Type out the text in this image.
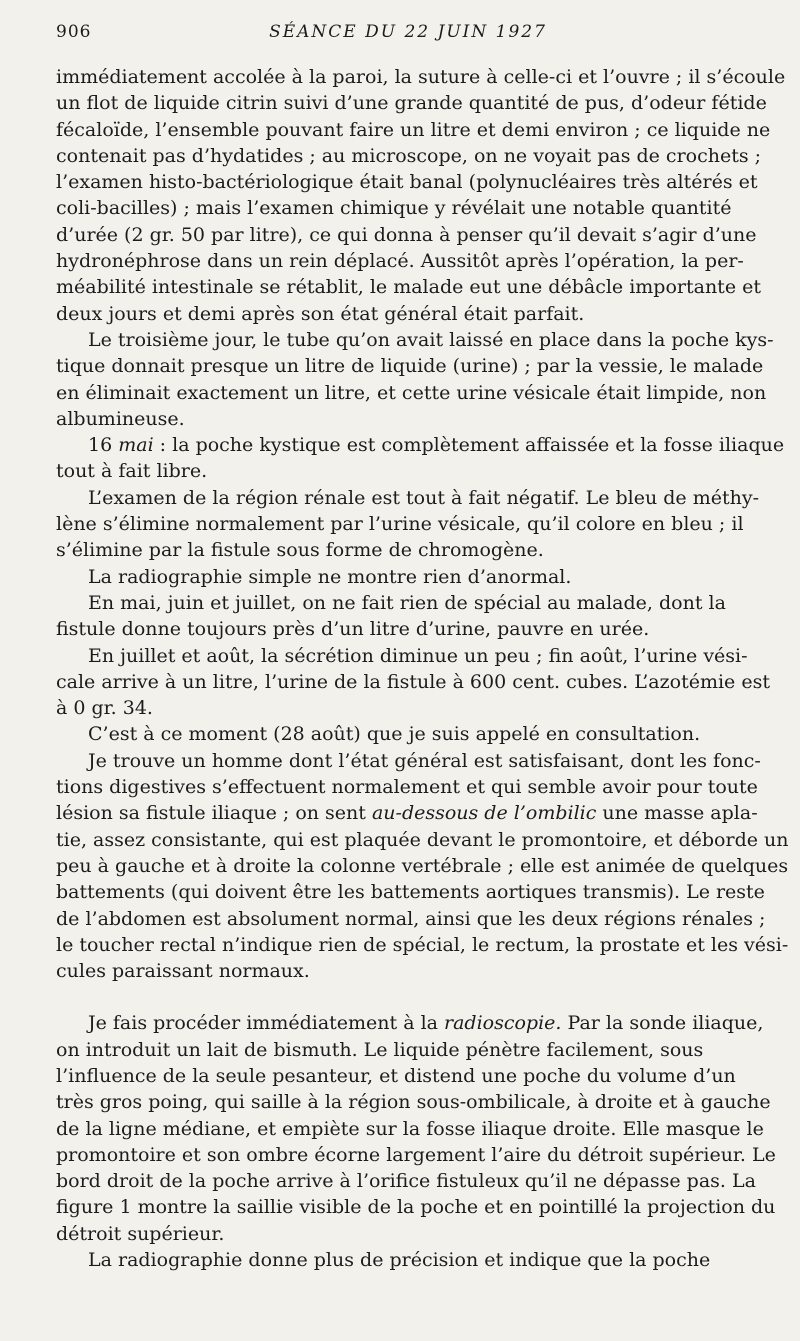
906	SÉANCE DU 22 JUIN 1927
immédiatement accolée à la paroi, la suture à celle-ci et l’ouvre ; il s’écoule
un flot de liquide citrin suivi d’une grande quantité de pus, d’odeur fétide
fécaloïde, l’ensemble pouvant faire un litre et demi environ ; ce liquide ne
contenait pas d’hydatides ; au microscope, on ne voyait pas de crochets ;
l’examen histo-bactériologique était banal (polynucléaires très altérés et
coli-bacilles) ; mais l’examen chimique y révélait une notable quantité
d’urée (2 gr. 50 par litre), ce qui donna à penser qu’il devait s’agir d’une
hydronéphrose dans un rein déplacé. Aussitôt après l’opération, la per-
méabilité intestinale se rétablit, le malade eut une débâcle importante et
deux jours et demi après son état général était parfait.
Le troisième jour, le tube qu’on avait laissé en place dans la poche kys-
tique donnait presque un litre de liquide (urine) ; par la vessie, le malade
en éliminait exactement un litre, et cette urine vésicale était limpide, non
albumineuse.
16 mai : la poche kystique est complètement affaissée et la fosse iliaque
tout à fait libre.
L’examen de la région rénale est tout à fait négatif. Le bleu de méthy-
lène s’élimine normalement par l’urine vésicale, qu’il colore en bleu ; il
s’élimine par la fistule sous forme de chromogène.
La radiographie simple ne montre rien d’anormal.
En mai, juin et juillet, on ne fait rien de spécial au malade, dont la
fistule donne toujours près d’un litre d’urine, pauvre en urée.
En juillet et août, la sécrétion diminue un peu ; fin août, l’urine vési-
cale arrive à un litre, l’urine de la fistule à 600 cent. cubes. L’azotémie est
à 0 gr. 34.
C’est à ce moment (28 août) que je suis appelé en consultation.
Je trouve un homme dont l’état général est satisfaisant, dont les fonc-
tions digestives s’effectuent normalement et qui semble avoir pour toute
lésion sa fistule iliaque ; on sent au-dessous de l’ombilic une masse apla-
tie, assez consistante, qui est plaquée devant le promontoire, et déborde un
peu à gauche et à droite la colonne vertébrale ; elle est animée de quelques
battements (qui doivent être les battements aortiques transmis). Le reste
de l’abdomen est absolument normal, ainsi que les deux régions rénales ;
le toucher rectal n’indique rien de spécial, le rectum, la prostate et les vési-
cules paraissant normaux.
Je fais procéder immédiatement à la radioscopie. Par la sonde iliaque,
on introduit un lait de bismuth. Le liquide pénètre facilement, sous
l’influence de la seule pesanteur, et distend une poche du volume d’un
très gros poing, qui saille à la région sous-ombilicale, à droite et à gauche
de la ligne médiane, et empiète sur la fosse iliaque droite. Elle masque le
promontoire et son ombre écorne largement l’aire du détroit supérieur. Le
bord droit de la poche arrive à l’orifice fistuleux qu’il ne dépasse pas. La
figure 1 montre la saillie visible de la poche et en pointillé la projection du
détroit supérieur.
La radiographie donne plus de précision et indique que la poche
